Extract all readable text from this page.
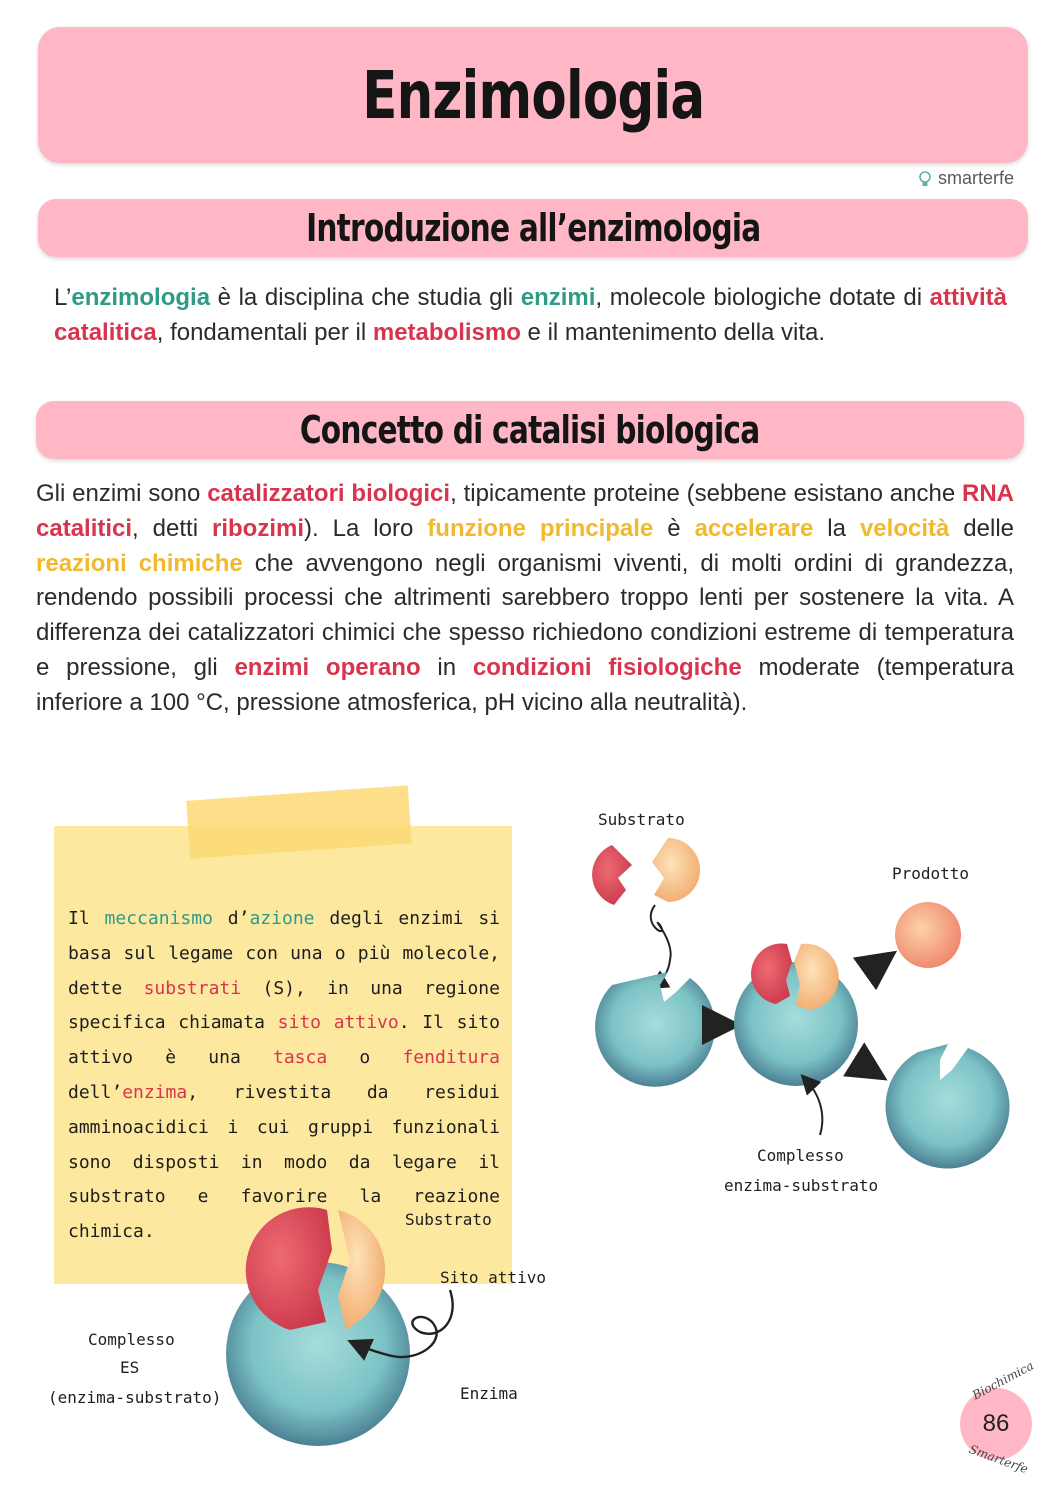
Enzimologia
smarterfe
Introduzione all’enzimologia

L’enzimologia è la disciplina che studia gli enzimi, molecole biologiche dotate di attività catalitica, fondamentali per il metabolismo e il mantenimento della vita.

Concetto di catalisi biologica

Gli enzimi sono catalizzatori biologici, tipicamente proteine (sebbene esistano anche RNA catalitici, detti ribozimi). La loro funzione principale è accelerare la velocità delle reazioni chimiche che avvengono negli organismi viventi, di molti ordini di grandezza, rendendo possibili processi che altrimenti sarebbero troppo lenti per sostenere la vita. A differenza dei catalizzatori chimici che spesso richiedono condizioni estreme di temperatura e pressione, gli enzimi operano in condizioni fisiologiche moderate (temperatura inferiore a 100 °C, pressione atmosferica, pH vicino alla neutralità).

Il meccanismo d’azione degli enzimi si basa sul legame con una o più molecole, dette substrati (S), in una regione specifica chiamata sito attivo. Il sito attivo è una tasca o fenditura dell’enzima, rivestita da residui amminoacidici i cui gruppi funzionali sono disposti in modo da legare il substrato e favorire la reazione chimica.

Substrato
Prodotto
Complesso
enzima-substrato
Substrato
Sito attivo
Enzima
Complesso
ES
(enzima-substrato)	Biochimica
86
Smarterfe
